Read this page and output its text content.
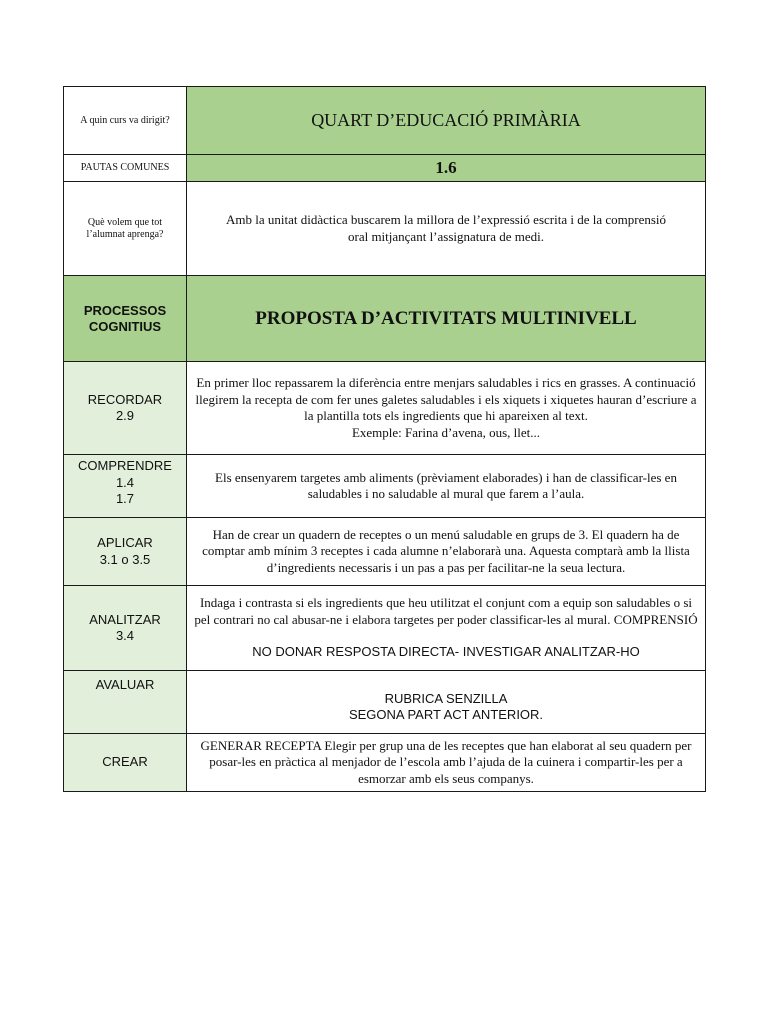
A quin curs va dirigit?	QUART D’EDUCACIÓ PRIMÀRIA
PAUTAS COMUNES	1.6
Què volem que tot l’alumnat aprenga?	Amb la unitat didàctica buscarem la millora de l’expressió escrita i de la comprensió oral mitjançant l’assignatura de medi.
PROCESSOS COGNITIUS	PROPOSTA D’ACTIVITATS MULTINIVELL

RECORDAR
2.9	En primer lloc repassarem la diferència entre menjars saludables i rics en grasses. A continuació llegirem la recepta de com fer unes galetes saludables i els xiquets i xiquetes hauran d’escriure a la plantilla tots els ingredients que hi apareixen al text.
Exemple: Farina d’avena, ous, llet...

COMPRENDRE
1.4
1.7	Els ensenyarem targetes amb aliments (prèviament elaborades) i han de classificar-les en saludables i no saludable al mural que farem a l’aula.

APLICAR
3.1 o 3.5	Han de crear un quadern de receptes o un menú saludable en grups de 3. El quadern ha de comptar amb mínim 3 receptes i cada alumne n’elaborarà una. Aquesta comptarà amb la llista d’ingredients necessaris i un pas a pas per facilitar-ne la seua lectura.

ANALITZAR
3.4	Indaga i contrasta si els ingredients que heu utilitzat el conjunt com a equip son saludables o si pel contrari no cal abusar-ne i elabora targetes per poder classificar-les al mural. COMPRENSIÓ
NO DONAR RESPOSTA DIRECTA- INVESTIGAR ANALITZAR-HO

AVALUAR	RUBRICA SENZILLA
SEGONA PART ACT ANTERIOR.

CREAR	GENERAR RECEPTA Elegir per grup una de les receptes que han elaborat al seu quadern per posar-les en pràctica al menjador de l’escola amb l’ajuda de la cuinera i compartir-les per a esmorzar amb els seus companys.
